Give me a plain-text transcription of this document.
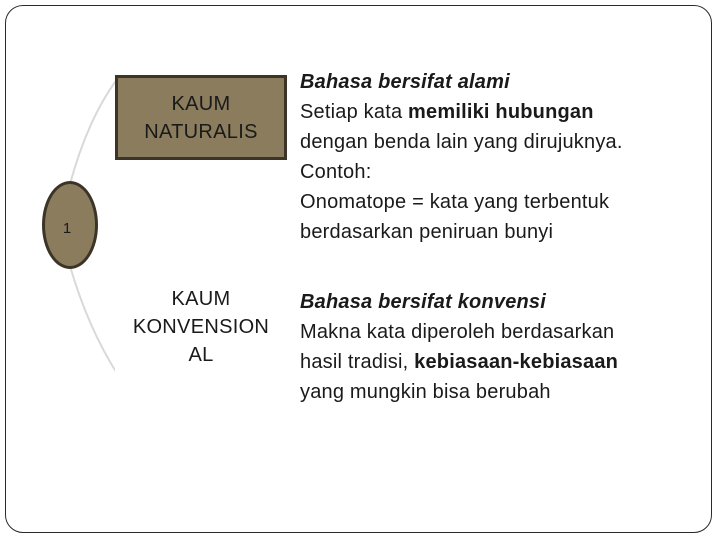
1
KAUM
NATURALIS
KAUM
KONVENSION
AL
Bahasa bersifat alami
Setiap kata memiliki hubungan
dengan benda lain yang dirujuknya.
Contoh:
Onomatope = kata yang terbentuk
berdasarkan peniruan bunyi
Bahasa bersifat konvensi
Makna kata diperoleh berdasarkan
hasil tradisi, kebiasaan-kebiasaan
yang mungkin bisa berubah
